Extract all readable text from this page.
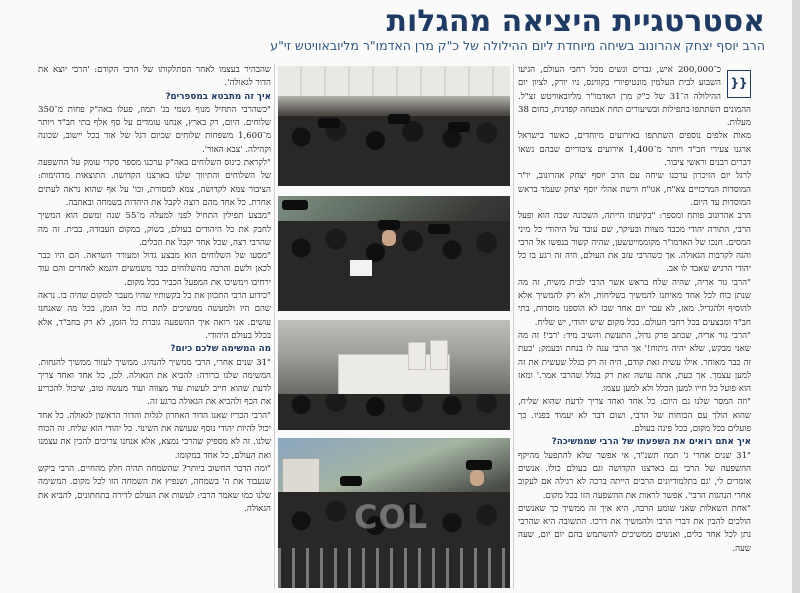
אסטרטגיית היציאה מהגלות
הרב יוסף יצחק אהרונוב בשיחה מיוחדת ליום ההילולה של כ"ק מרן האדמו"ר מליובאוויטש זי"ע
{{

כ־200,000 איש, גברים ונשים מכל רחבי העולם, הגיעו השבוע לבית העלמין מונטיפיורי בקווינס, ניו יורק, לציון יום ההילולה ה־31 של כ"ק מרן האדמו"ר מליובאוויטש זצ"ל. ההמונים השתתפו בתפילות ובשיעורים תחת אבטחה קפדנית, בחום 38 מעלות.

מאות אלפים נוספים השתתפו באירועים מיוחדים, כאשר בישראל ארגנו צעירי חב"ד ויותר מ־1,400 אירועים ציבוריים שבהם נשאו דברים רבנים וראשי ציבור.

לרגל יום הזיכרון ערכנו שיחה עם הרב יוסף יצחק אהרונוב, יו"ר המוסדות המרכזיים צא"ח, אגו"ח ורשת אהלי יוסף יצחק שעמד בראש המוסדות עד היום.

הרב אהרונוב פותח ומספר: "בקיעתו הייתה, השכונה שבה הוא ופעל הרבי, התורה יהודי מכבד מצוות ובעיקר, שם עובד על היהודי כל מיני המסים. חנכו של האדמו"ר מקוממייטשען, שהיה קשור בנפשו אל הרבי והגה לקרבות הגאולה. אך כשהרבי עזב את העולם, היה זה רגע בו כל יהודי הרגיש שאבד לו אב.

"הרבי גור אריה, שהיה שלח בראש אשר הרבי לבית משיח, זה מה שנתן כוח לכל אחד מאיתנו להמשיך בשליחות, ולא רק להמשיך אלא להוסיף ולהגדיל. מאז, לא עבר יום אחד שבו לא הוספנו מוסדות, בתי חב"ד ומבצעים בכל רחבי העולם. בכל מקום שיש יהודי, יש שליח.

"הרבי גור אריה, שכתב פרק גדול, התעשת והשיב מיד: 'רבי! זה מה שאני מבקש, שלא יהיה ניתוח!' אך הרבי ענה לו בנחת ובעמק: 'כעת זה כבר מאוחר. אילו עשית זאת קודם, היה זה רק בגלל שעשית את זה למען עצמך. אך כעת, אתה עושה זאת רק בגלל שהרבי אמר.' ומאז הוא פועל כל חייו למען הכלל ולא למען עצמו.

"וזה המסר שלנו גם היום: כל אחד ואחד צריך לדעת שהוא שליח, שהוא הולך עם הכוחות של הרבי, ושום דבר לא יעמוד בפניו. כך פועלים בכל מקום, בכל פינה בעולם.

איך אתם רואים את השפעתו של הרבי שממשיכה?

"31 שנים אחרי ג' תמוז תשנ"ד, אי אפשר שלא להתפעל מהיקף ההשפעה של הרבי גם בארצנו הקדושה וגם בעולם כולו. אנשים אומרים לי, 'גם בתלמודיונים הרבים הייתה ברכה לא רגילה אם לעקוב אחרי הנהגות הרבי'. אפשר לראות את ההשפעה הזו בכל מקום.

"אחת השאלות שאני שומע הרבה, היא איך זה ממשיך כך שאנשים הולכים להבין את דברי הרבי ולהמשיך את דרכו. התשובה היא שהרבי נתן לכל אחד כלים, ואנשים ממשיכים להשתמש בהם יום יום, שעה שעה.

COL

שהבהיר בעצמו לאחר הסתלקותו של הרבי הקודם: 'הרבי יוצא את הדור לגאולה'.

איך זה מתבטא במספרים?

"כשהרבי התחיל מנוף גשמי בג' תמוז, פעלו באה"ק פחות מ־350 שלוחים. היום, רק בארץ, אנחנו עומדים על סף אלף בתי חב"ד ויותר מ־1,600 משפחות שלוחים שכיום דגל של אור בכל יישוב, שכונה וקהילה. 'צבא האור'.

"לקראת כינוס השלוחים באה"ק ערכנו מספר סקרי עומק על ההשפעה של השלוחים והתיווך שלנו בארצנו הקדושה. התוצאות מדהימות: הציבור צמא לקדושה, צמא למסורת, וכו' על אף שהוא נראה לעתים אחרת. כל אחד מהם רוצה לקבל את היהדות בשמחה ובאהבה.

"מבצע תפילין התחיל לפני למעלה מ־55 שנה ומשם הוא המשיך לחבק את כל היהודים בעולם, בשוק, במקום העבודה, בבית. זה מה שהרבי רצה, שכל אחד יקבל את הכלים.

"מסעו של השלוחים הוא מבצע גדול ומעורר השראה. הם היו כבר לכאן ולשם והרבה מהשלוחים כבר משמשים דוגמא לאחרים והם עוד ירחיבו וימשיכו את המפעל הכביר בכל מקום.

"כידוע הרבי התכוון את כל בקשותיו שהיו מעבר למקום שהיה בו. נראה שהם היו ולמעשה ממשיכים לתת כוח כל הזמן, בכל מה שאנחנו עושים. אני רואה איך ההשפעה גוברת כל הזמן, לא רק בחב"ד, אלא בכלל בעולם היהודי.

מה המשימה שלכם כיום?

"31 שנים אחרי, הרבי ממשיך להנהיג. ממשיך לעזור ממשיך להנחות. המשימה שלנו ברורה: להביא את הגאולה. לכן, כל אחד ואחד צריך לדעת שהוא חייב לעשות עוד מצווה ועוד מעשה טוב, שיכול להכריע את הכף ולהביא את הגאולה ברגע זה.

"הרבי הכריז שאנו הדור האחרון לגלות והדור הראשון לגאולה. כל אחד יכול להיות יהודי נוסף שעושה את השינוי. כל יהודי הוא שליח. זה הכוח שלנו. זה לא מספיק שהרבי נמצא, אלא אנחנו צריכים להכין את עצמנו ואת העולם, כל אחד במקומו.

"ומה הדבר החשוב ביותר? שהשמחה תהיה חלק מהחיים. הרבי ביקש שנעבוד את ה' בשמחה, ושנפיץ את השמחה הזו לכל מקום. המשימה שלנו כמו שאמר הרבי: לעשות את העולם לדירה בתחתונים, להביא את הגאולה.
